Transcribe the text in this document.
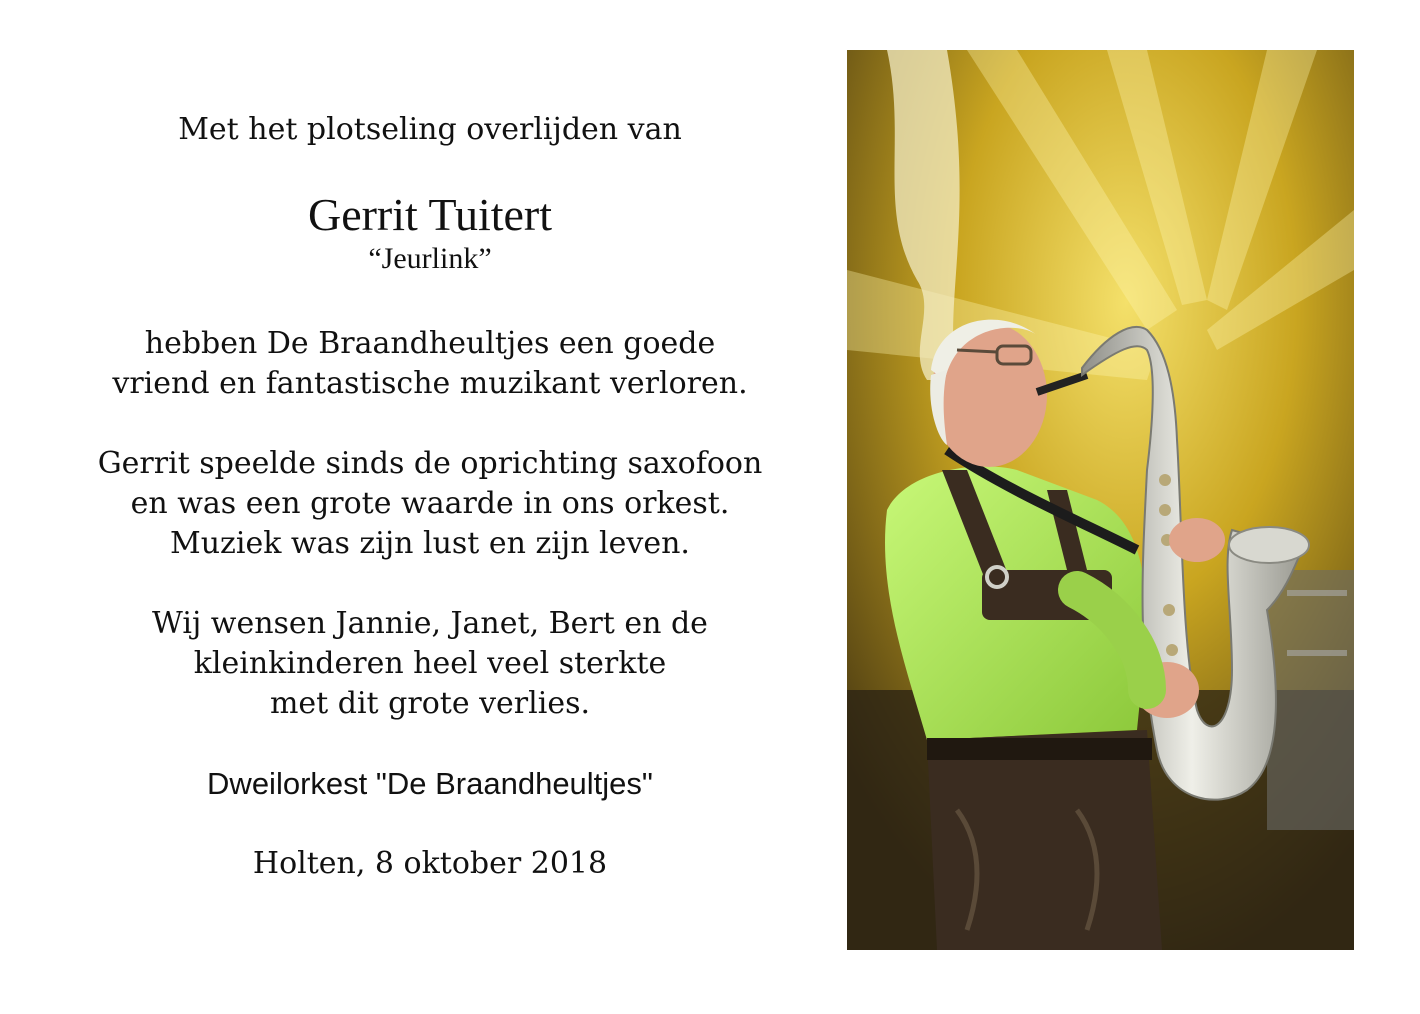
Met het plotseling overlijden van
Gerrit Tuitert
“Jeurlink”
hebben De Braandheultjes een goede
vriend en fantastische muzikant verloren.
Gerrit speelde sinds de oprichting saxofoon
en was een grote waarde in ons orkest.
Muziek was zijn lust en zijn leven.
Wij wensen Jannie, Janet, Bert en de
kleinkinderen heel veel sterkte
met dit grote verlies.
Dweilorkest "De Braandheultjes"
Holten, 8 oktober 2018
